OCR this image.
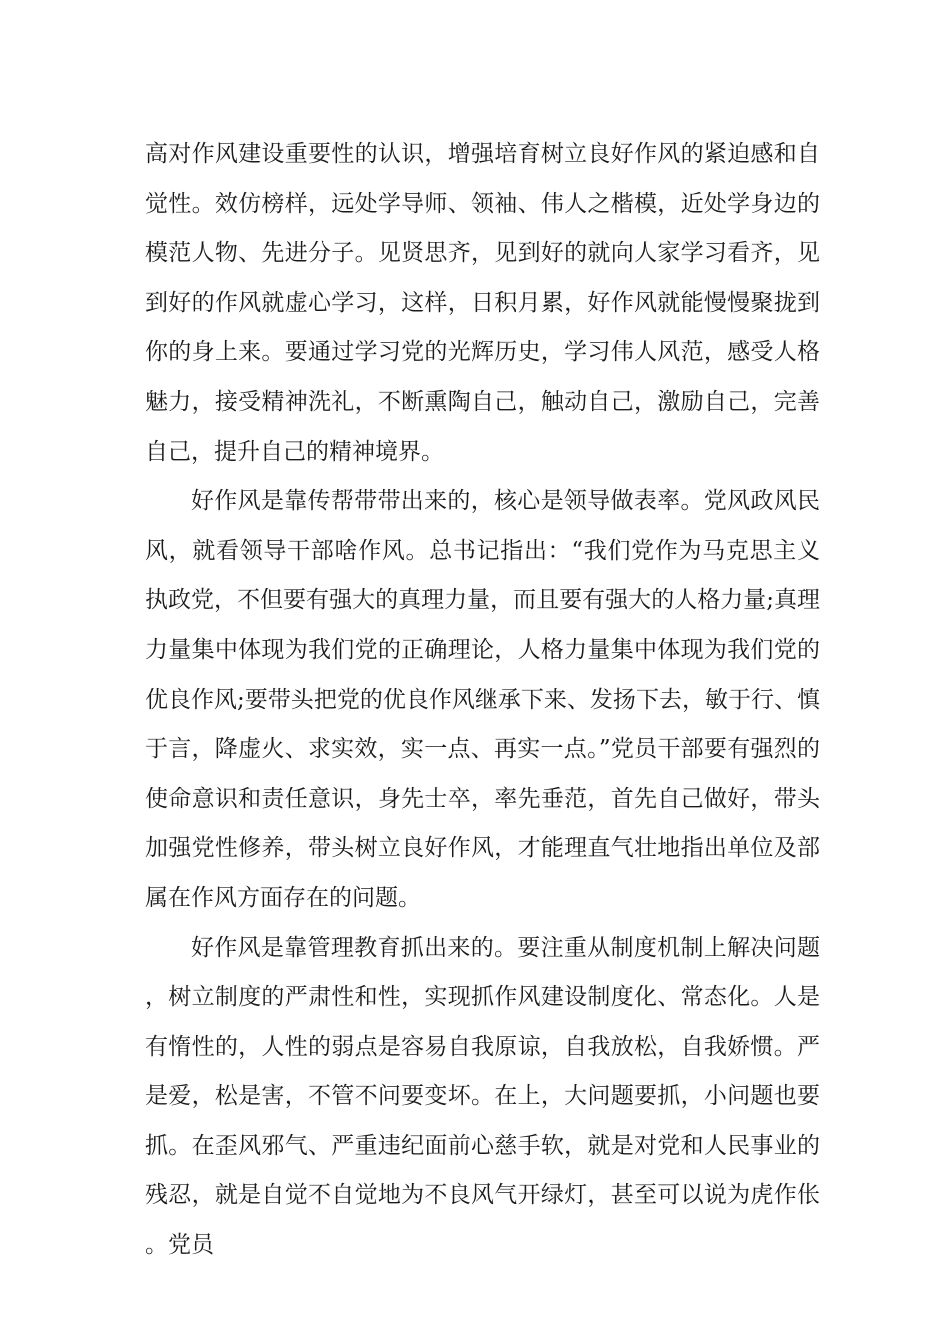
高对作风建设重要性的认识，增强培育树立良好作风的紧迫感和自觉性。效仿榜样，远处学导师、领袖、伟人之楷模，近处学身边的模范人物、先进分子。见贤思齐，见到好的就向人家学习看齐，见到好的作风就虚心学习，这样，日积月累，好作风就能慢慢聚拢到你的身上来。要通过学习党的光辉历史，学习伟人风范，感受人格魅力，接受精神洗礼，不断熏陶自己，触动自己，激励自己，完善自己，提升自己的精神境界。

好作风是靠传帮带带出来的，核心是领导做表率。党风政风民风，就看领导干部啥作风。总书记指出：“我们党作为马克思主义执政党，不但要有强大的真理力量，而且要有强大的人格力量;真理力量集中体现为我们党的正确理论，人格力量集中体现为我们党的优良作风;要带头把党的优良作风继承下来、发扬下去，敏于行、慎于言，降虚火、求实效，实一点、再实一点。”党员干部要有强烈的使命意识和责任意识，身先士卒，率先垂范，首先自己做好，带头加强党性修养，带头树立良好作风，才能理直气壮地指出单位及部属在作风方面存在的问题。

好作风是靠管理教育抓出来的。要注重从制度机制上解决问题，树立制度的严肃性和性，实现抓作风建设制度化、常态化。人是有惰性的，人性的弱点是容易自我原谅，自我放松，自我娇惯。严是爱，松是害，不管不问要变坏。在上，大问题要抓，小问题也要抓。在歪风邪气、严重违纪面前心慈手软，就是对党和人民事业的残忍，就是自觉不自觉地为不良风气开绿灯，甚至可以说为虎作伥。党员
